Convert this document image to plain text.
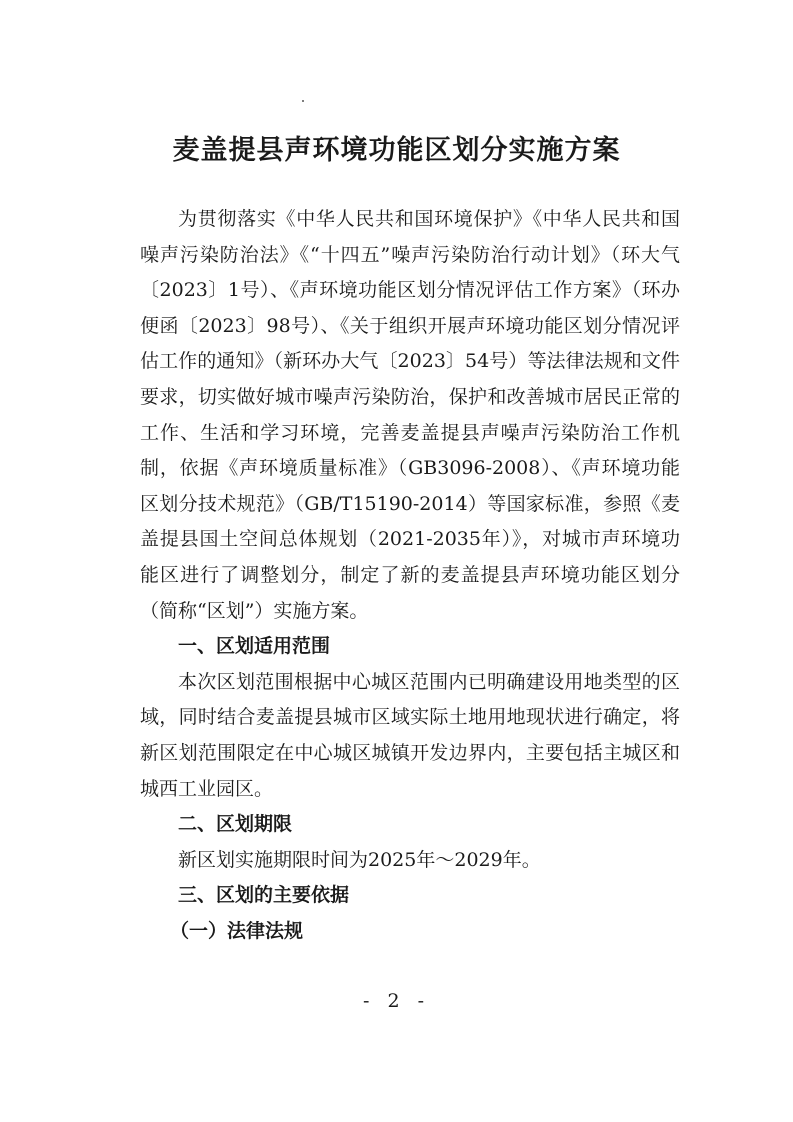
麦盖提县声环境功能区划分实施方案

为贯彻落实《中华人民共和国环境保护》《中华人民共和国噪声污染防治法》《“十四五”噪声污染防治行动计划》（环大气〔2023〕1号）、《声环境功能区划分情况评估工作方案》（环办便函〔2023〕98号）、《关于组织开展声环境功能区划分情况评估工作的通知》（新环办大气〔2023〕54号）等法律法规和文件要求，切实做好城市噪声污染防治，保护和改善城市居民正常的工作、生活和学习环境，完善麦盖提县声噪声污染防治工作机制，依据《声环境质量标准》（GB3096-2008）、《声环境功能区划分技术规范》（GB/T15190-2014）等国家标准，参照《麦盖提县国土空间总体规划（2021-2035年）》，对城市声环境功能区进行了调整划分，制定了新的麦盖提县声环境功能区划分（简称“区划”）实施方案。

一、区划适用范围

本次区划范围根据中心城区范围内已明确建设用地类型的区域，同时结合麦盖提县城市区域实际土地用地现状进行确定，将新区划范围限定在中心城区城镇开发边界内，主要包括主城区和城西工业园区。

二、区划期限

新区划实施期限时间为2025年～2029年。

三、区划的主要依据

（一）法律法规

- 2 -
